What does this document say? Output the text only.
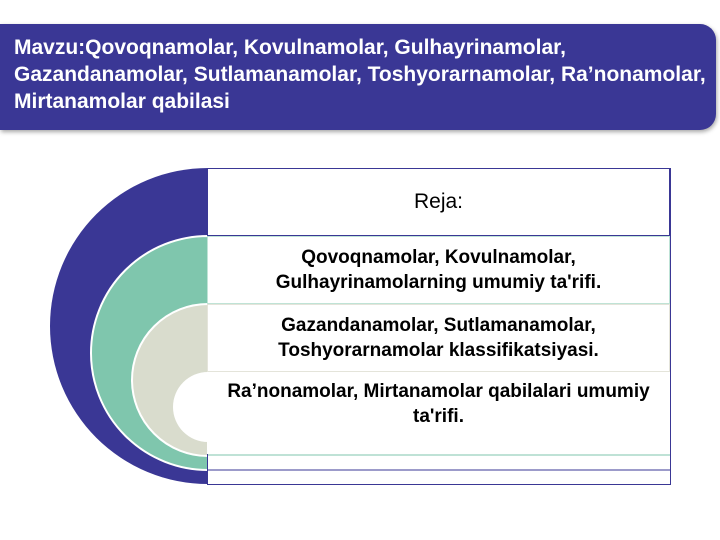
Mavzu:Qovoqnamolar, Kovulnamolar, Gulhayrinamolar, Gazandanamolar, Sutlamanamolar, Toshyorarnamolar, Ra’nonamolar, Mirtanamolar qabilasi

Reja:
Qovoqnamolar, Kovulnamolar, Gulhayrinamolarning umumiy ta'rifi.
Gazandanamolar, Sutlamanamolar, Toshyorarnamolar klassifikatsiyasi.
Ra’nonamolar, Mirtanamolar qabilalari umumiy ta'rifi.
